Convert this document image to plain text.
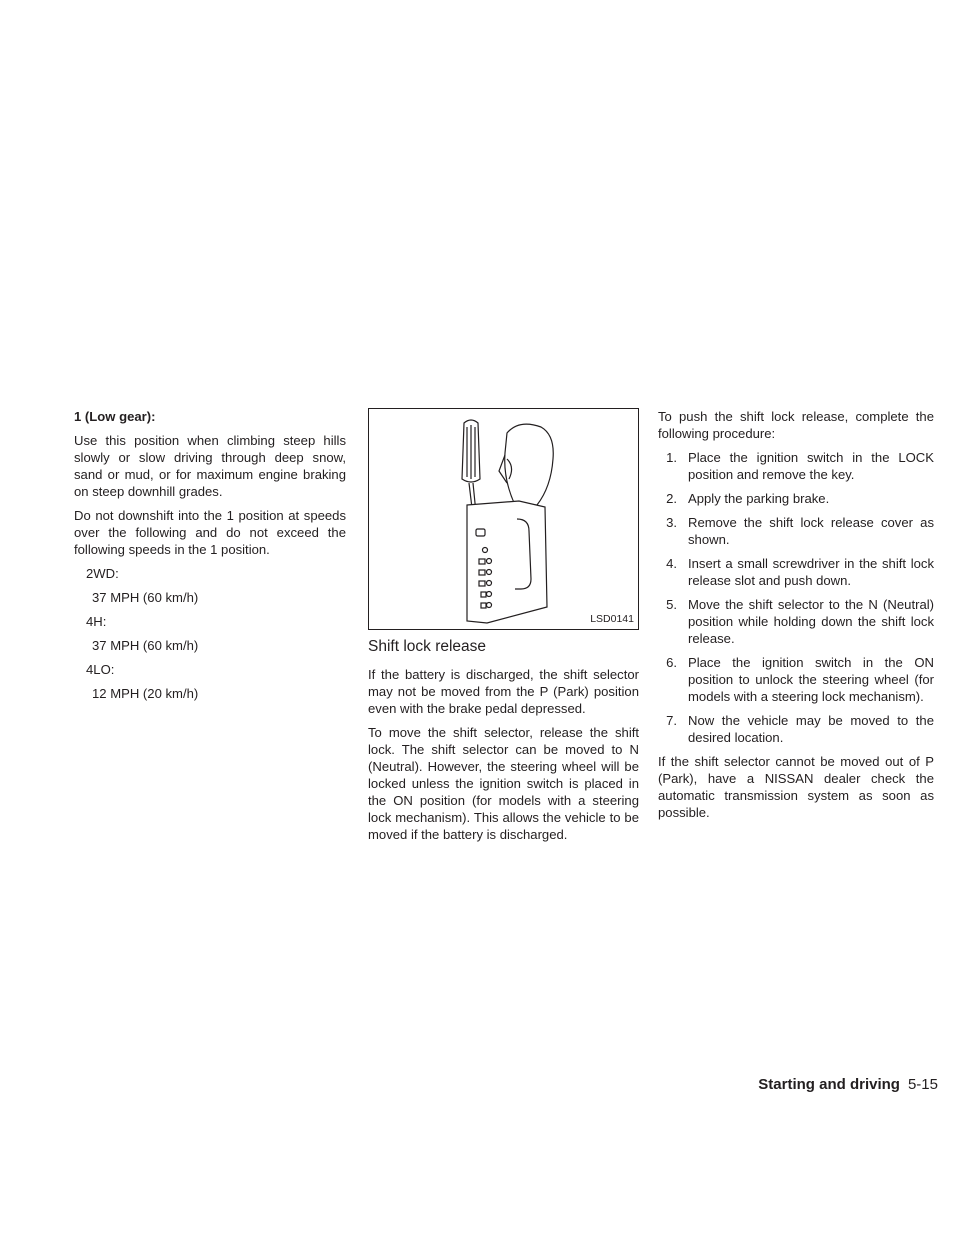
1 (Low gear):

Use this position when climbing steep hills slowly or slow driving through deep snow, sand or mud, or for maximum engine braking on steep downhill grades.

Do not downshift into the 1 position at speeds over the following and do not exceed the following speeds in the 1 position.

2WD:

37 MPH (60 km/h)

4H:

37 MPH (60 km/h)

4LO:

12 MPH (20 km/h)

LSD0141
Shift lock release

If the battery is discharged, the shift selector may not be moved from the P (Park) position even with the brake pedal depressed.

To move the shift selector, release the shift lock. The shift selector can be moved to N (Neutral). However, the steering wheel will be locked unless the ignition switch is placed in the ON position (for models with a steering lock mechanism). This allows the vehicle to be moved if the battery is discharged.

To push the shift lock release, complete the following procedure:

1. Place the ignition switch in the LOCK position and remove the key.
2. Apply the parking brake.
3. Remove the shift lock release cover as shown.
4. Insert a small screwdriver in the shift lock release slot and push down.
5. Move the shift selector to the N (Neutral) position while holding down the shift lock release.
6. Place the ignition switch in the ON position to unlock the steering wheel (for models with a steering lock mechanism).
7. Now the vehicle may be moved to the desired location.

If the shift selector cannot be moved out of P (Park), have a NISSAN dealer check the automatic transmission system as soon as possible.

Starting and driving 5-15
